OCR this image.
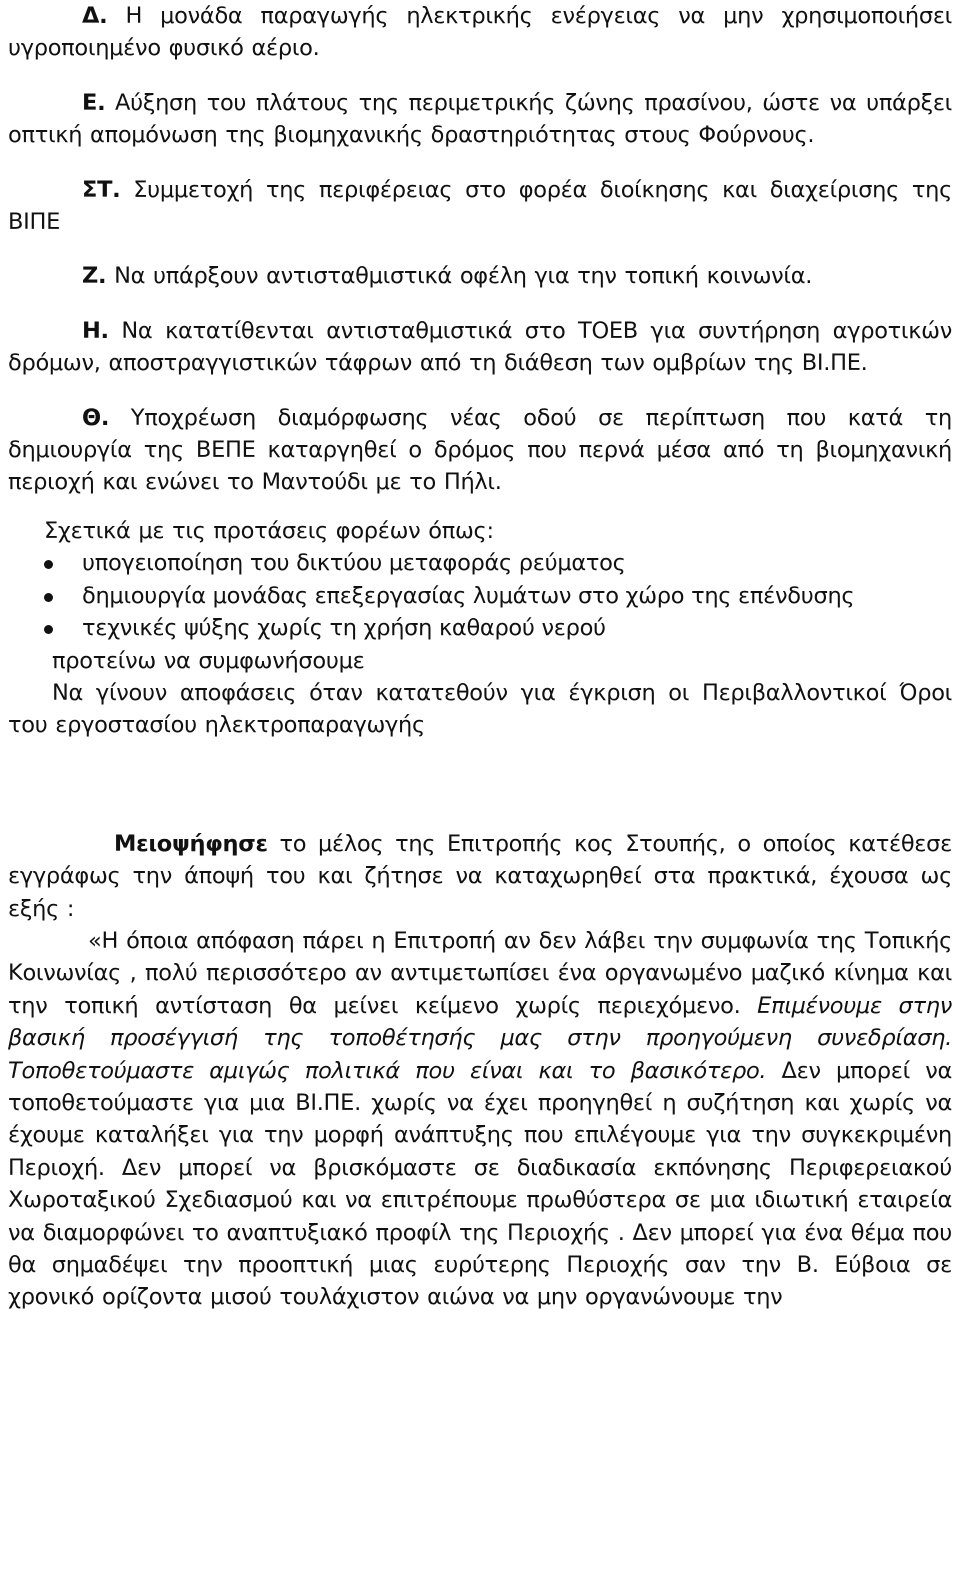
Δ. Η μονάδα παραγωγής ηλεκτρικής ενέργειας να μην χρησιμοποιήσει υγροποιημένο φυσικό αέριο.

Ε. Αύξηση του πλάτους της περιμετρικής ζώνης πρασίνου, ώστε να υπάρξει οπτική απομόνωση της βιομηχανικής δραστηριότητας στους Φούρνους.

ΣΤ. Συμμετοχή της περιφέρειας στο φορέα διοίκησης και διαχείρισης της ΒΙΠΕ

Ζ. Να υπάρξουν αντισταθμιστικά οφέλη για την τοπική κοινωνία.

Η. Να κατατίθενται αντισταθμιστικά στο ΤΟΕΒ για συντήρηση αγροτικών δρόμων, αποστραγγιστικών τάφρων από τη διάθεση των ομβρίων της ΒΙ.ΠΕ.

Θ. Υποχρέωση διαμόρφωσης νέας οδού σε περίπτωση που κατά τη δημιουργία της ΒΕΠΕ καταργηθεί ο δρόμος που περνά μέσα από τη βιομηχανική περιοχή και ενώνει το Μαντούδι με το Πήλι.

Σχετικά με τις προτάσεις φορέων όπως:

υπογειοποίηση του δικτύου μεταφοράς ρεύματος
δημιουργία μονάδας επεξεργασίας λυμάτων στο χώρο της επένδυσης
τεχνικές ψύξης χωρίς τη χρήση καθαρού νερού

προτείνω να συμφωνήσουμε

Να γίνουν αποφάσεις όταν κατατεθούν για έγκριση οι Περιβαλλοντικοί Όροι του εργοστασίου ηλεκτροπαραγωγής

Μειοψήφησε το μέλος της Επιτροπής κος Στουπής, ο οποίος κατέθεσε εγγράφως την άποψή του και ζήτησε να καταχωρηθεί στα πρακτικά, έχουσα ως εξής :

«Η όποια απόφαση πάρει η Επιτροπή αν δεν λάβει την συμφωνία της Τοπικής Κοινωνίας , πολύ περισσότερο αν αντιμετωπίσει ένα οργανωμένο μαζικό κίνημα και την τοπική αντίσταση θα μείνει κείμενο χωρίς περιεχόμενο. Επιμένουμε στην βασική προσέγγισή της τοποθέτησής μας στην προηγούμενη συνεδρίαση. Τοποθετούμαστε αμιγώς πολιτικά που είναι και το βασικότερο. Δεν μπορεί να τοποθετούμαστε για μια ΒΙ.ΠΕ. χωρίς να έχει προηγηθεί η συζήτηση και χωρίς να έχουμε καταλήξει για την μορφή ανάπτυξης που επιλέγουμε για την συγκεκριμένη Περιοχή. Δεν μπορεί να βρισκόμαστε σε διαδικασία εκπόνησης Περιφερειακού Χωροταξικού Σχεδιασμού και να επιτρέπουμε πρωθύστερα σε μια ιδιωτική εταιρεία να διαμορφώνει το αναπτυξιακό προφίλ της Περιοχής . Δεν μπορεί για ένα θέμα που θα σημαδέψει την προοπτική μιας ευρύτερης Περιοχής σαν την Β. Εύβοια σε χρονικό ορίζοντα μισού τουλάχιστον αιώνα να μην οργανώνουμε την
